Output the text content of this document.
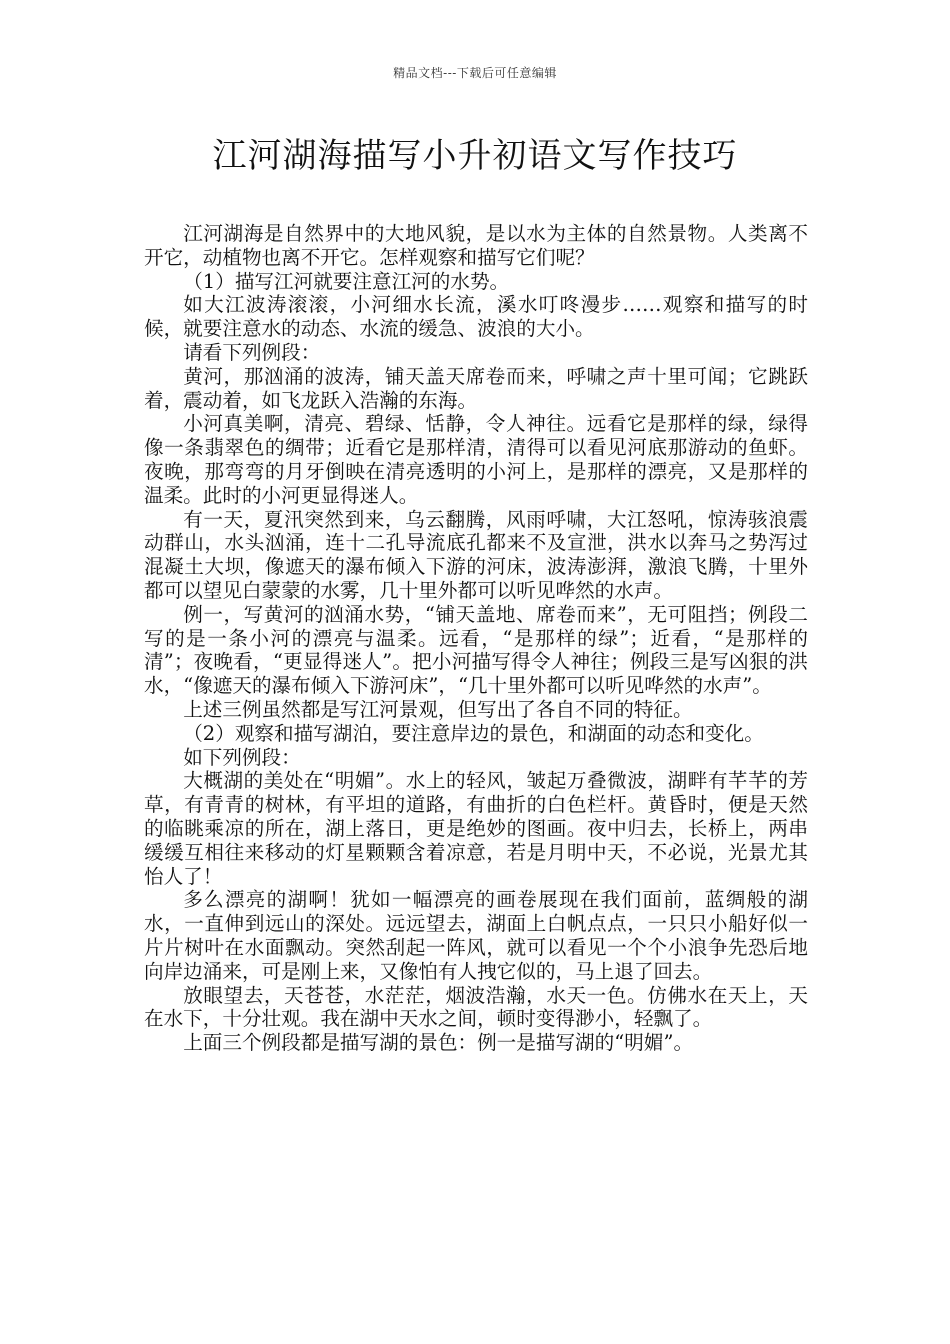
精品文档---下载后可任意编辑
江河湖海描写小升初语文写作技巧

江河湖海是自然界中的大地风貌，是以水为主体的自然景物。人类离不开它，动植物也离不开它。怎样观察和描写它们呢？

（1）描写江河就要注意江河的水势。

如大江波涛滚滚，小河细水长流，溪水叮咚漫步……观察和描写的时候，就要注意水的动态、水流的缓急、波浪的大小。

请看下列例段：

黄河，那汹涌的波涛，铺天盖天席卷而来，呼啸之声十里可闻；它跳跃着，震动着，如飞龙跃入浩瀚的东海。

小河真美啊，清亮、碧绿、恬静，令人神往。远看它是那样的绿，绿得像一条翡翠色的绸带；近看它是那样清，清得可以看见河底那游动的鱼虾。夜晚，那弯弯的月牙倒映在清亮透明的小河上，是那样的漂亮，又是那样的温柔。此时的小河更显得迷人。

有一天，夏汛突然到来，乌云翻腾，风雨呼啸，大江怒吼，惊涛骇浪震动群山，水头汹涌，连十二孔导流底孔都来不及宣泄，洪水以奔马之势泻过混凝土大坝，像遮天的瀑布倾入下游的河床，波涛澎湃，激浪飞腾，十里外都可以望见白蒙蒙的水雾，几十里外都可以听见哗然的水声。

例一，写黄河的汹涌水势，“铺天盖地、席卷而来”，无可阻挡；例段二写的是一条小河的漂亮与温柔。远看，“是那样的绿”；近看，“是那样的清”；夜晚看，“更显得迷人”。把小河描写得令人神往；例段三是写凶狠的洪水，“像遮天的瀑布倾入下游河床”，“几十里外都可以听见哗然的水声”。

上述三例虽然都是写江河景观，但写出了各自不同的特征。

（2）观察和描写湖泊，要注意岸边的景色，和湖面的动态和变化。

如下列例段：

大概湖的美处在“明媚”。水上的轻风，皱起万叠微波，湖畔有芊芊的芳草，有青青的树林，有平坦的道路，有曲折的白色栏杆。黄昏时，便是天然的临眺乘凉的所在，湖上落日，更是绝妙的图画。夜中归去，长桥上，两串缓缓互相往来移动的灯星颗颗含着凉意，若是月明中天，不必说，光景尤其怡人了！

多么漂亮的湖啊！犹如一幅漂亮的画卷展现在我们面前，蓝绸般的湖水，一直伸到远山的深处。远远望去，湖面上白帆点点，一只只小船好似一片片树叶在水面飘动。突然刮起一阵风，就可以看见一个个小浪争先恐后地向岸边涌来，可是刚上来，又像怕有人拽它似的，马上退了回去。

放眼望去，天苍苍，水茫茫，烟波浩瀚，水天一色。仿佛水在天上，天在水下，十分壮观。我在湖中天水之间，顿时变得渺小，轻飘了。

上面三个例段都是描写湖的景色：例一是描写湖的“明媚”。
